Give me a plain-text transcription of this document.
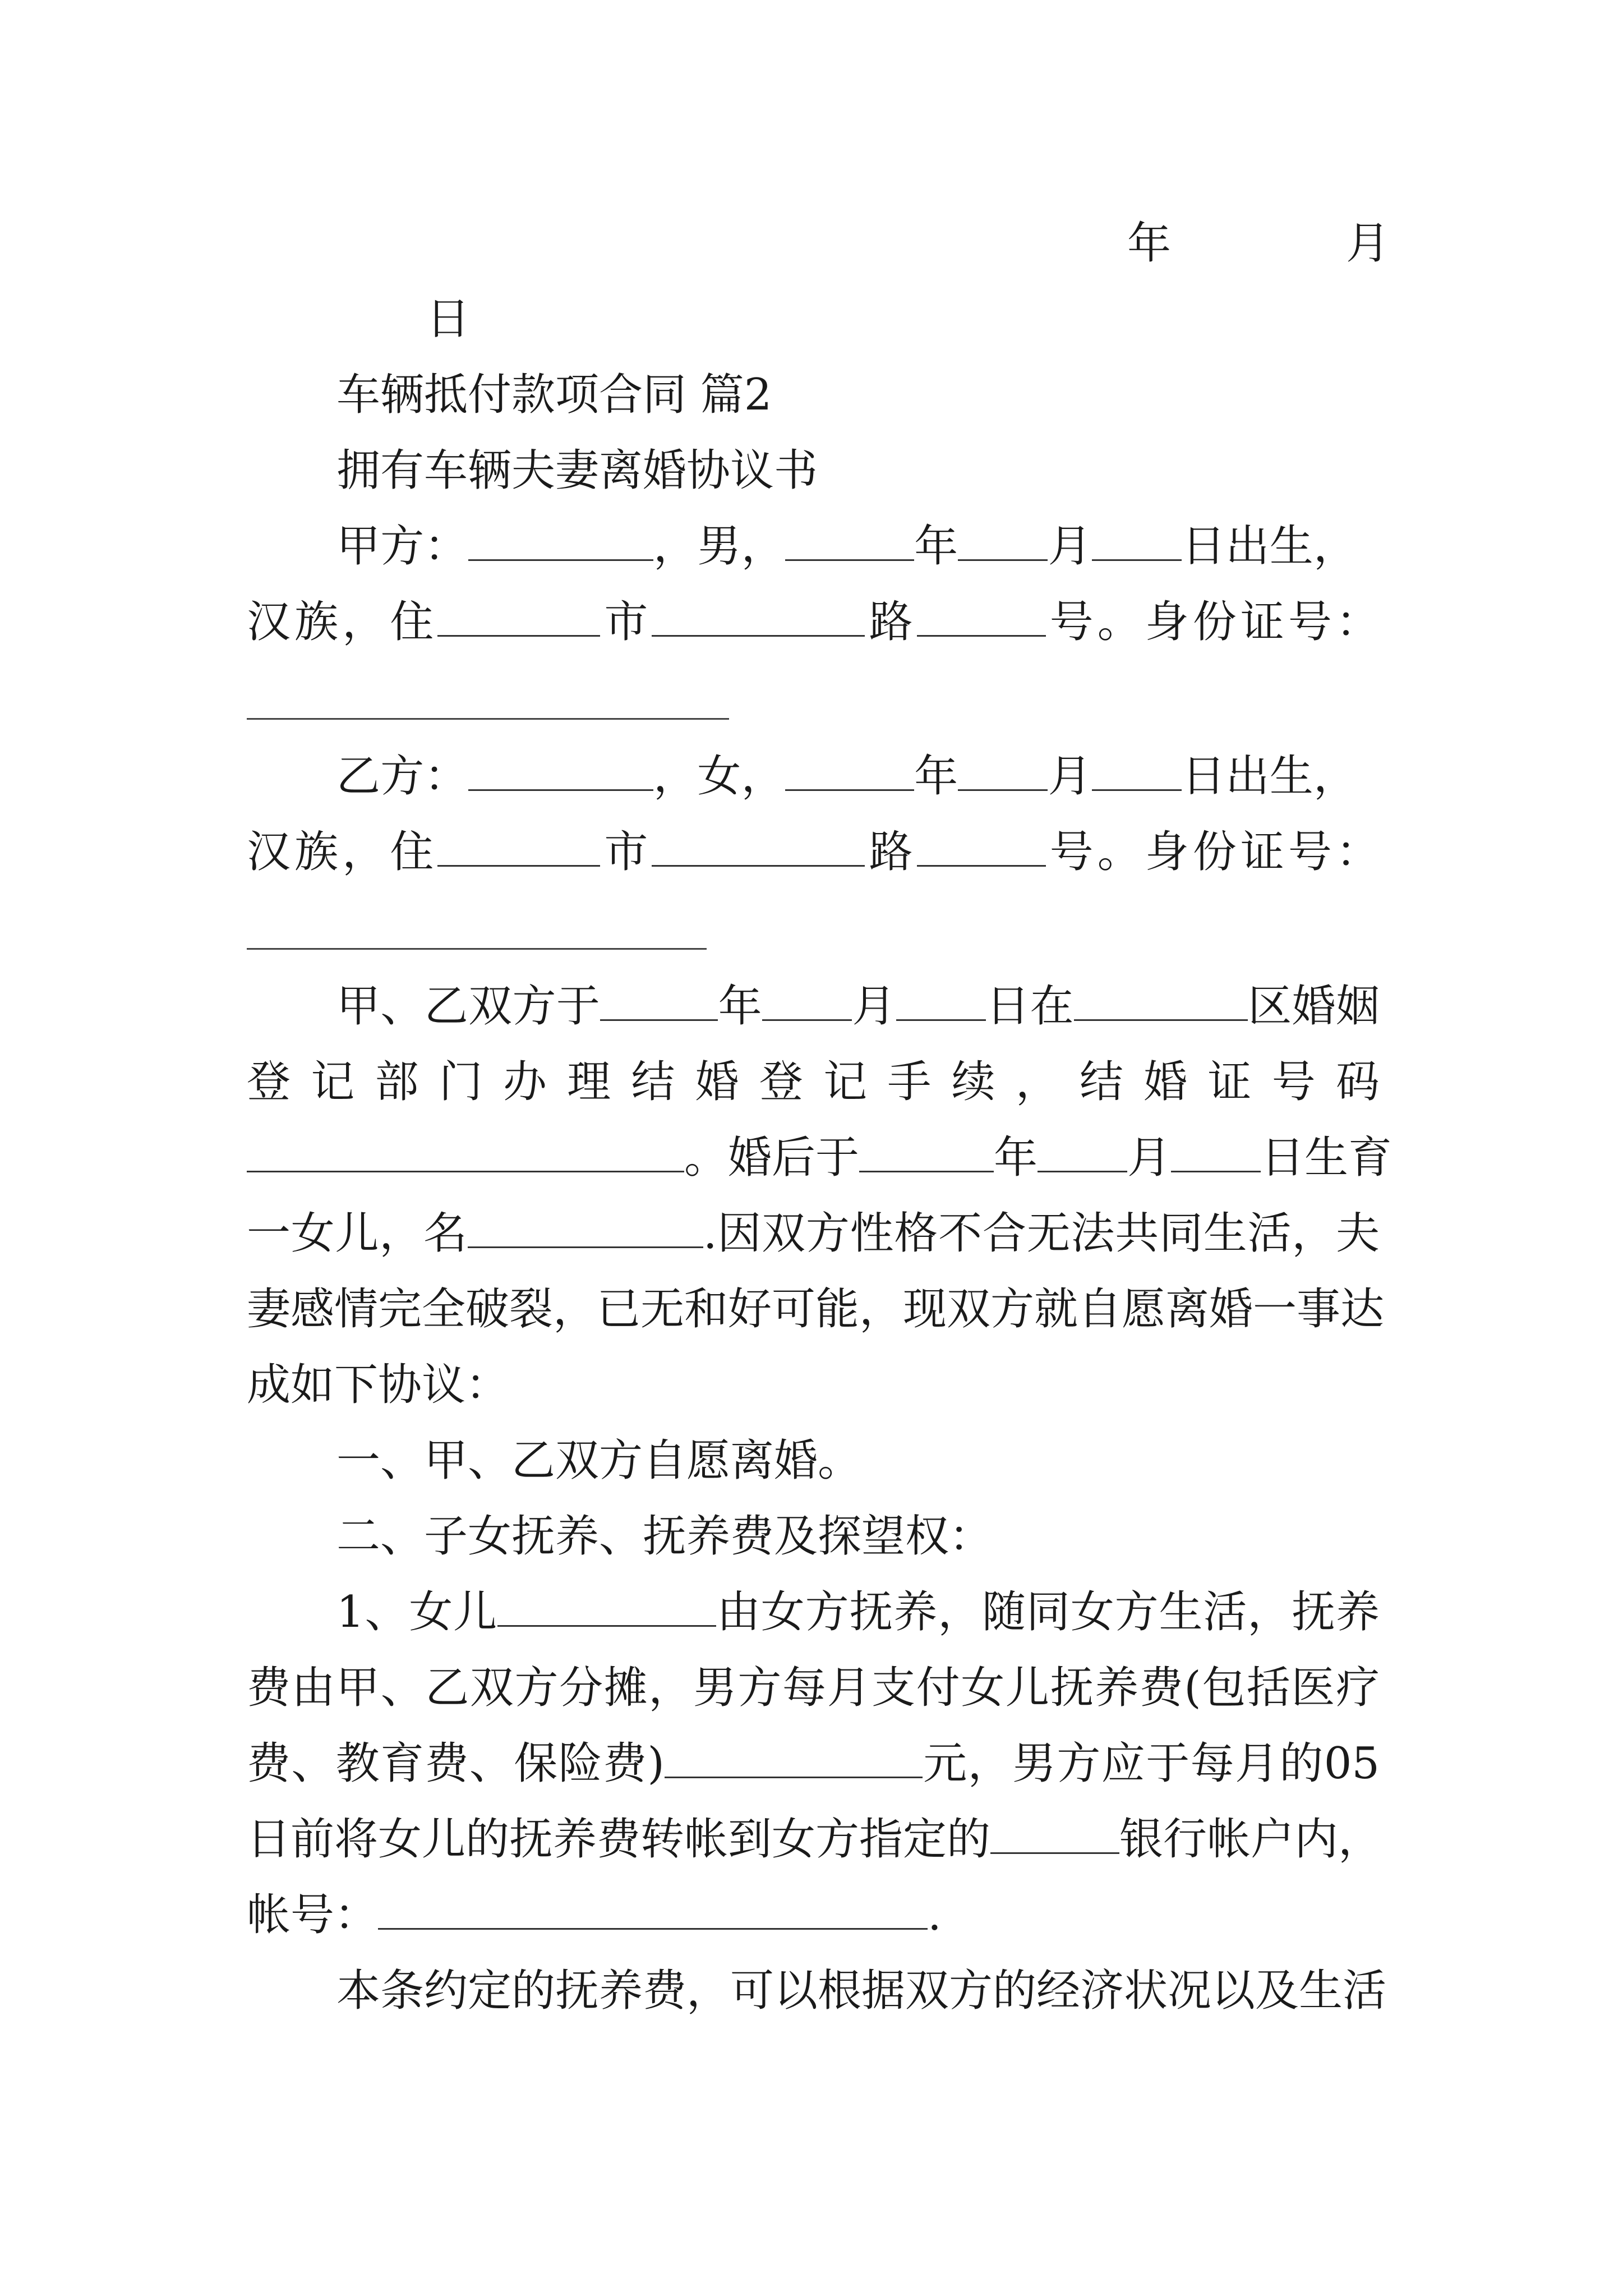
年	月
日
车辆抵付款项合同 篇2
拥有车辆夫妻离婚协议书
甲方：	，男，	年 月 日出生，
汉族，住	市	路	号。身份证号：
乙方：	，女，	年 月 日出生，
汉族，住	市	路	号。身份证号：
甲、乙双方于	年 月 日在	区婚姻
登记部门办理结婚登记手续，结婚证号码
。婚后于	年 月 日生育
一女儿，名	.因双方性格不合无法共同生活，夫
妻感情完全破裂，已无和好可能，现双方就自愿离婚一事达
成如下协议：
一、甲、乙双方自愿离婚。
二、子女抚养、抚养费及探望权：
1、女儿	由女方抚养，随同女方生活，抚养
费由甲、乙双方分摊，男方每月支付女儿抚养费(包括医疗
费、教育费、保险费)	元，男方应于每月的05
日前将女儿的抚养费转帐到女方指定的	银行帐户内，
帐号：	.
本条约定的抚养费，可以根据双方的经济状况以及生活
